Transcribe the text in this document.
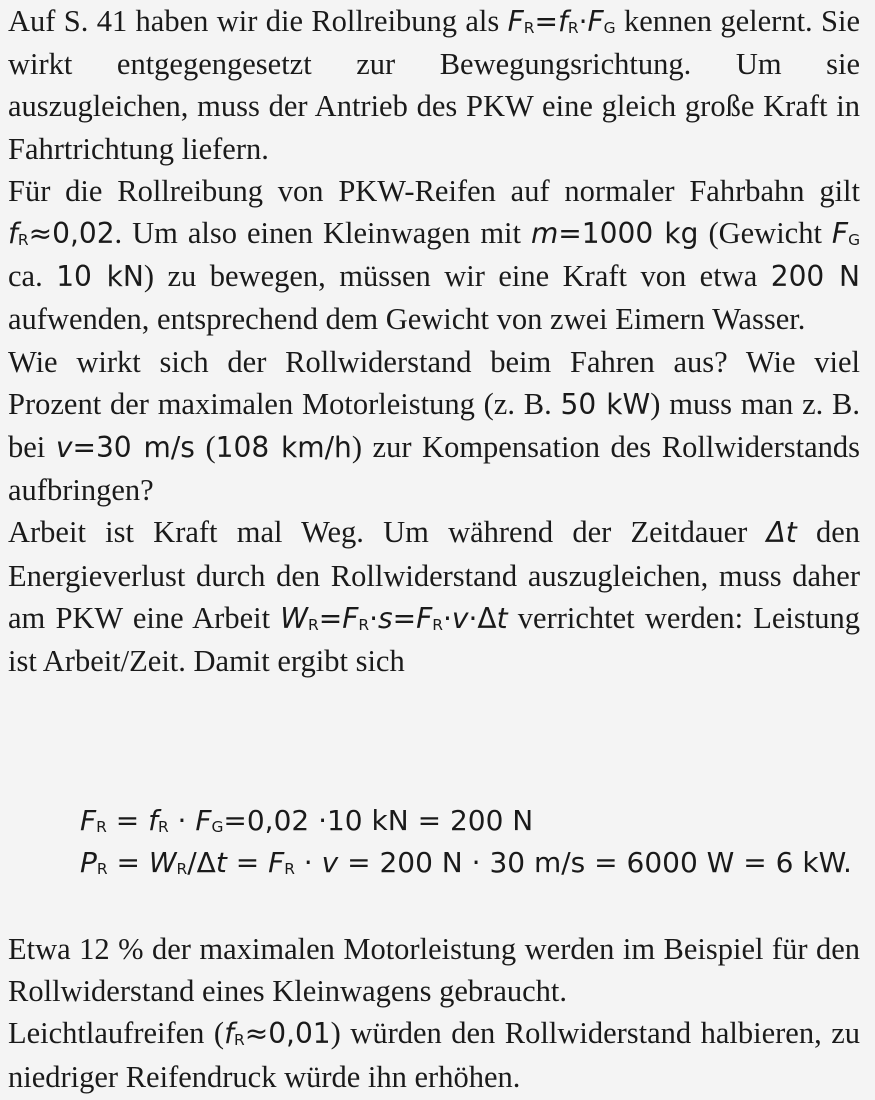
Auf S. 41 haben wir die Rollreibung als $F_R=f_R\cdot F_G$ kennen gelernt. Sie wirkt entgegengesetzt zur Bewegungsrichtung. Um sie auszugleichen, muss der Antrieb des PKW eine gleich große Kraft in Fahrtrichtung liefern.

Für die Rollreibung von PKW-Reifen auf normaler Fahrbahn gilt $f_R\approx 0,02$. Um also einen Kleinwagen mit m=1000 kg (Gewicht $F_G$ ca. 10 kN) zu bewegen, müssen wir eine Kraft von etwa 200 N aufwenden, entsprechend dem Gewicht von zwei Eimern Wasser.

Wie wirkt sich der Rollwiderstand beim Fahren aus? Wie viel Prozent der maximalen Motorleistung (z. B. 50 kW) muss man z. B. bei v=30 m/s (108 km/h) zur Kompensation des Rollwiderstands aufbringen?

Arbeit ist Kraft mal Weg. Um während der Zeitdauer Δt den Energieverlust durch den Rollwiderstand auszugleichen, muss daher am PKW eine Arbeit $W_R=F_R\cdot s=F_R\cdot v\cdot\Delta t$ verrichtet werden: Leistung ist Arbeit/Zeit. Damit ergibt sich

$F_R = f_R \cdot F_G=0,02 \cdot 10$ kN = 200 N
$P_R = W_R/\Delta t = F_R \cdot v = 200$ N · 30 m/s = 6000 W = 6 kW.

Etwa 12 % der maximalen Motorleistung werden im Beispiel für den Rollwiderstand eines Kleinwagens gebraucht.

Leichtlaufreifen $(f_R\approx 0,01)$ würden den Rollwiderstand halbieren, zu niedriger Reifendruck würde ihn erhöhen.
